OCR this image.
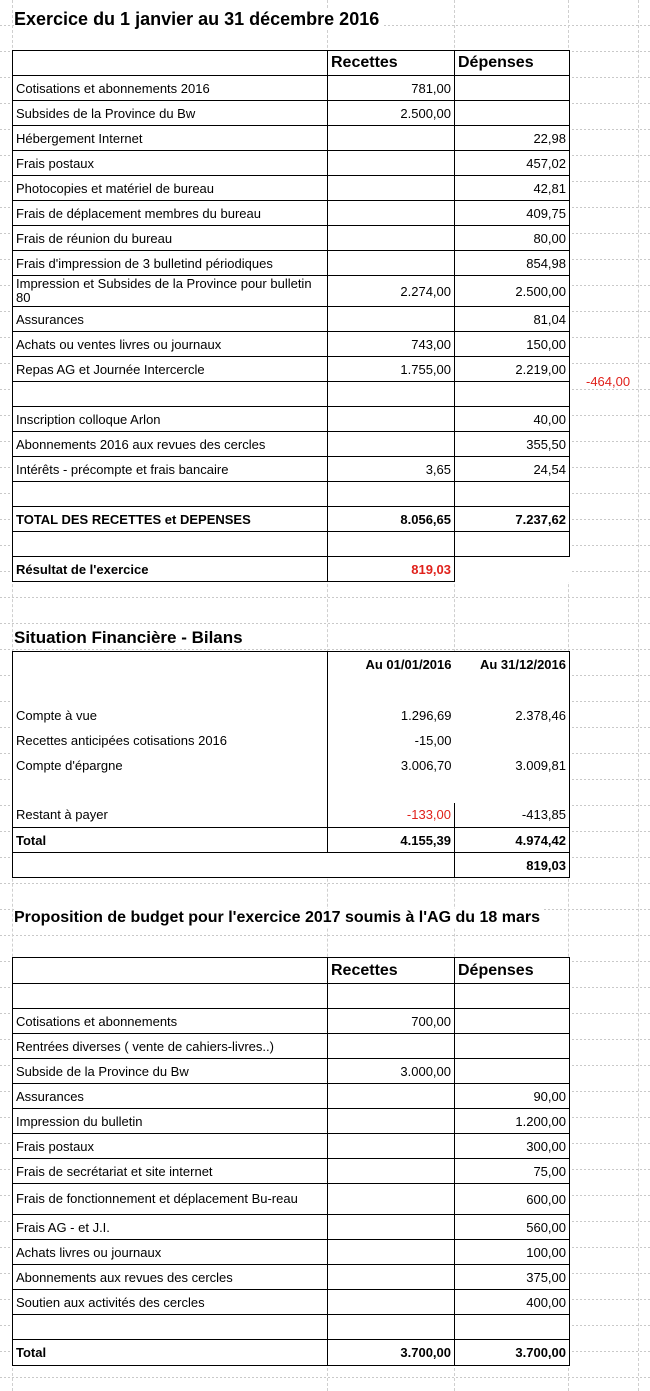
Exercice du 1 janvier au 31 décembre 2016
	Recettes	Dépenses
Cotisations et abonnements 2016	781,00	
Subsides de la Province du Bw	2.500,00	
Hébergement Internet		22,98
Frais postaux		457,02
Photocopies et matériel de bureau		42,81
Frais de déplacement membres du bureau		409,75
Frais de réunion du bureau		80,00
Frais d'impression de 3 bulletind périodiques		854,98
Impression et Subsides de la Province pour bulletin 80	2.274,00	2.500,00
Assurances		81,04
Achats ou ventes livres ou journaux	743,00	150,00
Repas AG et Journée Intercercle	1.755,00	2.219,00

Inscription colloque Arlon		40,00
Abonnements 2016 aux revues des cercles		355,50
Intérêts - précompte et frais bancaire	3,65	24,54

TOTAL DES RECETTES et DEPENSES	8.056,65	7.237,62

Résultat de l'exercice	819,03	
-464,00
Situation Financière - Bilans
	Au 01/01/2016	Au 31/12/2016

Compte à vue	1.296,69	2.378,46
Recettes anticipées cotisations 2016	-15,00	
Compte d'épargne	3.006,70	3.009,81

Restant à payer	-133,00	-413,85
Total	4.155,39	4.974,42
		819,03
Proposition de budget pour l'exercice 2017 soumis à l'AG du 18 mars
	Recettes	Dépenses

Cotisations et abonnements	700,00	
Rentrées diverses ( vente de cahiers-livres..)		
Subside de la Province du Bw	3.000,00	
Assurances		90,00
Impression du bulletin		1.200,00
Frais postaux		300,00
Frais de secrétariat et site internet		75,00
Frais de fonctionnement et déplacement Bu-reau		600,00
Frais AG - et J.I.		560,00
Achats livres ou journaux		100,00
Abonnements aux revues des cercles		375,00
Soutien aux activités des cercles		400,00

Total	3.700,00	3.700,00
